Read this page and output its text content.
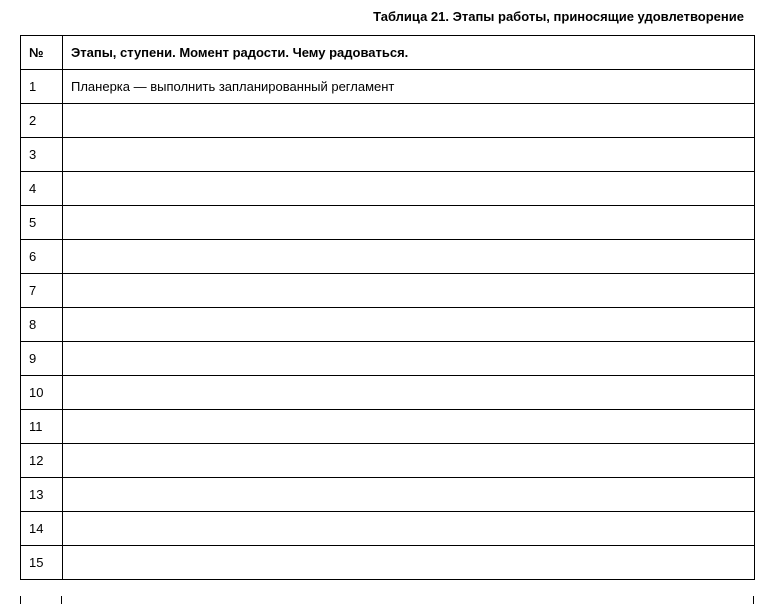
Таблица 21. Этапы работы, приносящие удовлетворение
№	Этапы, ступени. Момент радости. Чему радоваться.
1	Планерка — выполнить запланированный регламент
2	
3	
4	
5	
6	
7	
8	
9	
10	
11	
12	
13	
14	
15	
